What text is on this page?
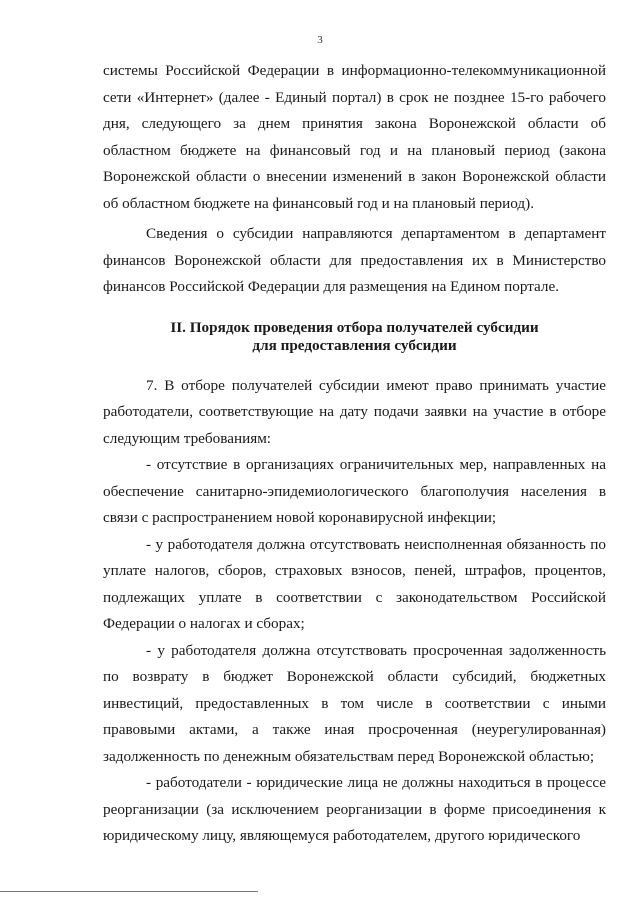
3

системы Российской Федерации в информационно-телекоммуникационной сети «Интернет» (далее - Единый портал) в срок не позднее 15-го рабочего дня, следующего за днем принятия закона Воронежской области об областном бюджете на финансовый год и на плановый период (закона Воронежской области о внесении изменений в закон Воронежской области об областном бюджете на финансовый год и на плановый период).

Сведения о субсидии направляются департаментом в департамент финансов Воронежской области для предоставления их в Министерство финансов Российской Федерации для размещения на Едином портале.

II. Порядок проведения отбора получателей субсидии
для предоставления субсидии

7. В отборе получателей субсидии имеют право принимать участие работодатели, соответствующие на дату подачи заявки на участие в отборе следующим требованиям:

- отсутствие в организациях ограничительных мер, направленных на обеспечение санитарно-эпидемиологического благополучия населения в связи с распространением новой коронавирусной инфекции;

- у работодателя должна отсутствовать неисполненная обязанность по уплате налогов, сборов, страховых взносов, пеней, штрафов, процентов, подлежащих уплате в соответствии с законодательством Российской Федерации о налогах и сборах;

- у работодателя должна отсутствовать просроченная задолженность по возврату в бюджет Воронежской области субсидий, бюджетных инвестиций, предоставленных в том числе в соответствии с иными правовыми актами, а также иная просроченная (неурегулированная) задолженность по денежным обязательствам перед Воронежской областью;

- работодатели - юридические лица не должны находиться в процессе реорганизации (за исключением реорганизации в форме присоединения к юридическому лицу, являющемуся работодателем, другого юридического
